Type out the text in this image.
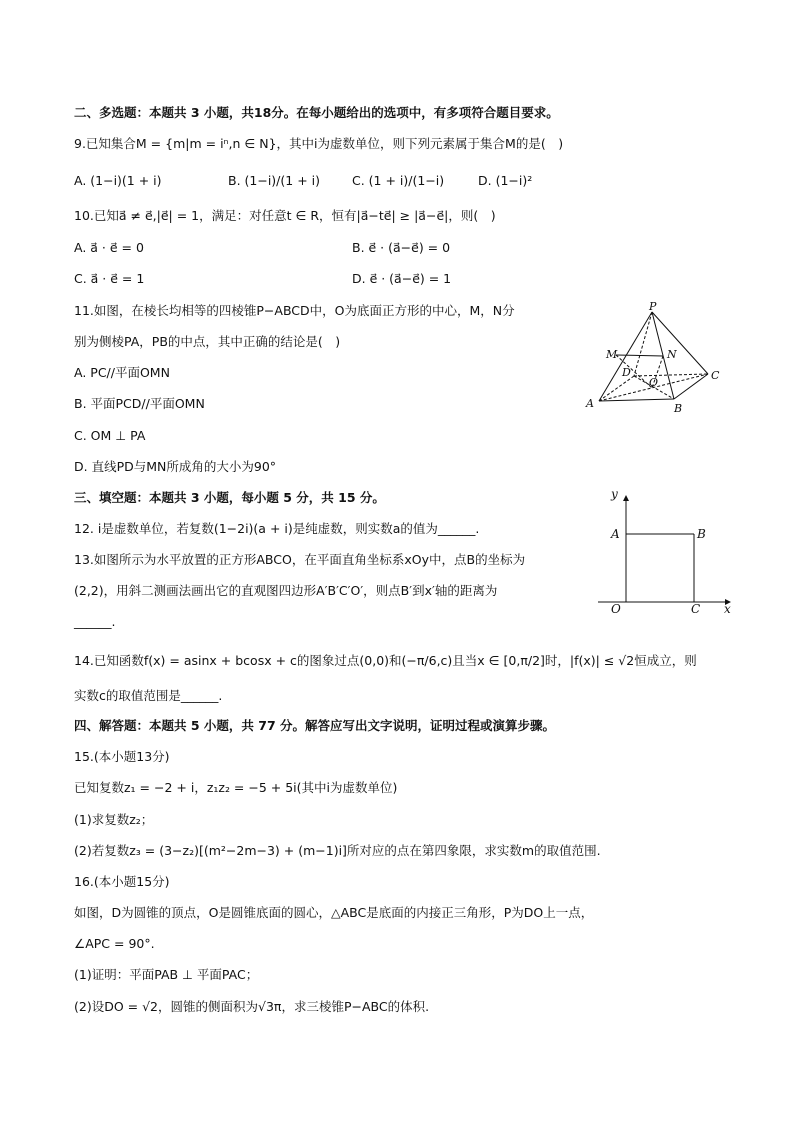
二、多选题：本题共 3 小题，共18分。在每小题给出的选项中，有多项符合题目要求。
9.已知集合M = {m|m = iⁿ,n ∈ N}，其中i为虚数单位，则下列元素属于集合M的是(　)
A. (1−i)(1 + i)	B. (1−i)/(1 + i)	C. (1 + i)/(1−i)	D. (1−i)²
10.已知a⃗ ≠ e⃗,|e⃗| = 1，满足：对任意t ∈ R，恒有|a⃗−te⃗| ≥ |a⃗−e⃗|，则(　)
A. a⃗ · e⃗ = 0	B. e⃗ · (a⃗−e⃗) = 0
C. a⃗ · e⃗ = 1	D. e⃗ · (a⃗−e⃗) = 1
11.如图，在棱长均相等的四棱锥P−ABCD中，O为底面正方形的中心，M，N分
别为侧棱PA，PB的中点，其中正确的结论是(　)
A. PC//平面OMN
B. 平面PCD//平面OMN
C. OM ⊥ PA
D. 直线PD与MN所成角的大小为90°
P
M	N
D
O
C
A	B
三、填空题：本题共 3 小题，每小题 5 分，共 15 分。
12. i是虚数单位，若复数(1−2i)(a + i)是纯虚数，则实数a的值为______.
13.如图所示为水平放置的正方形ABCO，在平面直角坐标系xOy中，点B的坐标为
(2,2)，用斜二测画法画出它的直观图四边形A′B′C′O′，则点B′到x′轴的距离为
______.
y
A	B
O	C x
14.已知函数f(x) = asinx + bcosx + c的图象过点(0,0)和(−π/6,c)且当x ∈ [0,π/2]时，|f(x)| ≤ √2恒成立，则
实数c的取值范围是______.
四、解答题：本题共 5 小题，共 77 分。解答应写出文字说明，证明过程或演算步骤。
15.(本小题13分)
已知复数z₁ = −2 + i，z₁z₂ = −5 + 5i(其中i为虚数单位)
(1)求复数z₂；
(2)若复数z₃ = (3−z₂)[(m²−2m−3) + (m−1)i]所对应的点在第四象限，求实数m的取值范围.
16.(本小题15分)
如图，D为圆锥的顶点，O是圆锥底面的圆心，△ABC是底面的内接正三角形，P为DO上一点，
∠APC = 90°.
(1)证明：平面PAB ⊥ 平面PAC；
(2)设DO = √2，圆锥的侧面积为√3π，求三棱锥P−ABC的体积.
